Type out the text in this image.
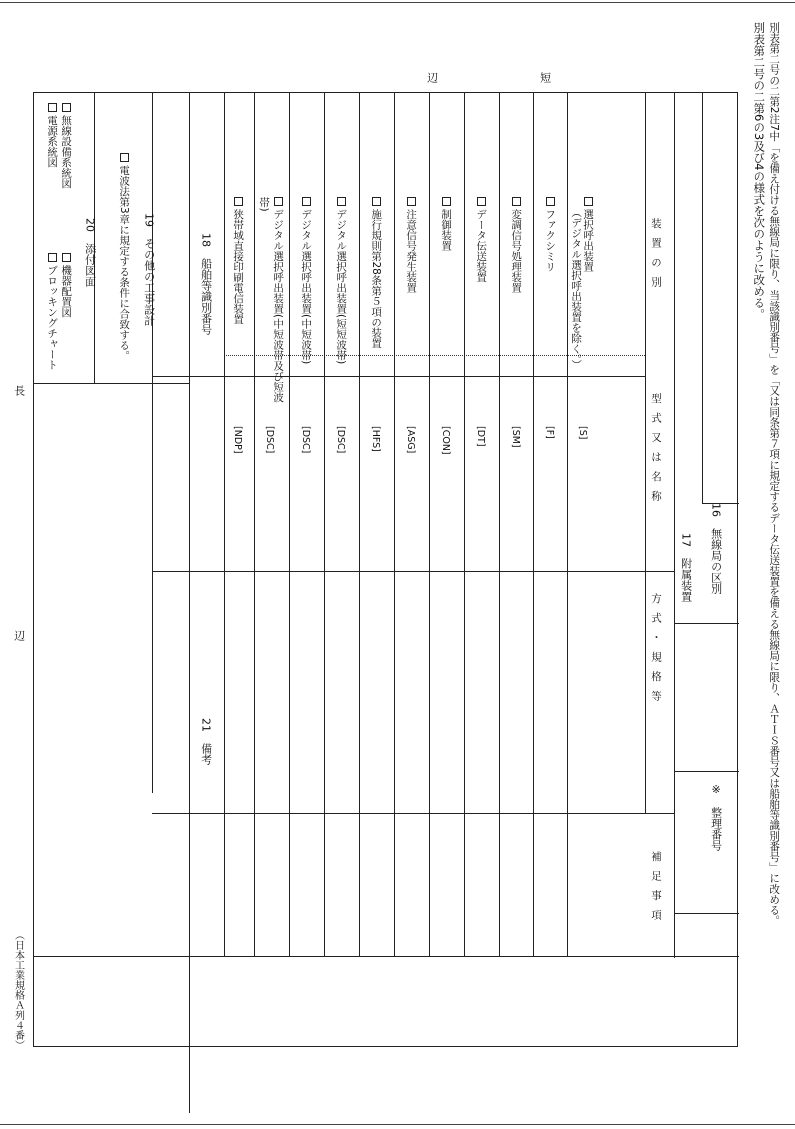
別表第二号の二第2注7中「を備え付ける無線局に限り、当該識別番号」を「又は同条第７項に規定するデータ伝送装置を備える無線局に限り、ＡＴＩＳ番号又は船舶等識別番号」に改める。
別表第二号の二第6の3及び4の様式を次のように改める。
短
辺
長
辺
（日本工業規格Ａ列４番）
16　無線局の区別
※　整理番号
17　附属装置
装置の別
型式又は名称
方式・規格等
補足事項
選択呼出装置
（デジタル選択呼出装置を除く。）
[S]
ファクシミリ
[F]
変調信号処理装置
[SM]
データ伝送装置
[DT]
制御装置
[CON]
注意信号発生装置
[ASG]
施行規則第28条第５項の装置
[HFS]
デジタル選択呼出装置(短短波帯)
[DSC]
デジタル選択呼出装置(中短波帯)
[DSC]
デジタル選択呼出装置(中短波帯及び短波
帯)
[DSC]
狭帯域直接印刷電信装置
[NDP]
18　船舶等識別番号
19　その他の工事設計
電波法第3章に規定する条件に合致する。
20　添付図面
無線設備系統図
電源系統図
機器配置図
ブロッキングチャート
21　備考
